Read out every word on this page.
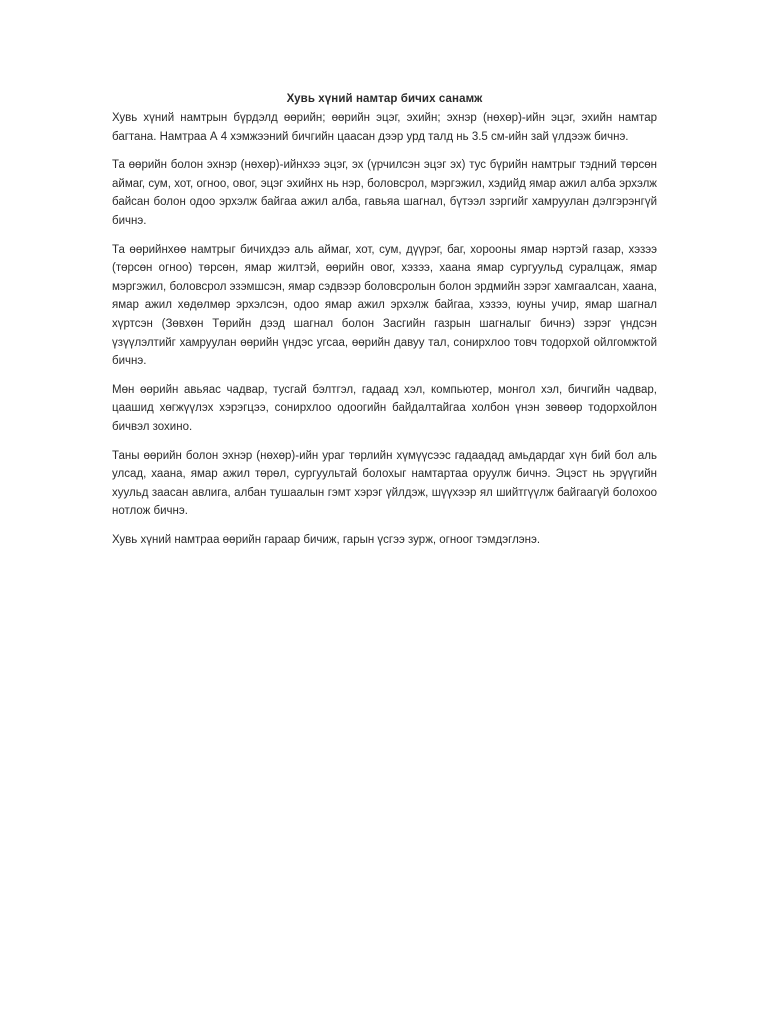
Хувь хүний намтар бичих санамж

Хувь хүний намтрын бүрдэлд өөрийн; өөрийн эцэг, эхийн; эхнэр (нөхөр)-ийн эцэг, эхийн намтар багтана. Намтраа А 4 хэмжээний бичгийн цаасан дээр урд талд нь 3.5 см-ийн зай үлдээж бичнэ.

Та өөрийн болон эхнэр (нөхөр)-ийнхээ эцэг, эх (үрчилсэн эцэг эх) тус бүрийн намтрыг тэдний төрсөн аймаг, сум, хот, огноо, овог, эцэг эхийнх нь нэр, боловсрол, мэргэжил, хэдийд ямар ажил алба эрхэлж байсан болон одоо эрхэлж байгаа ажил алба, гавьяа шагнал, бүтээл зэргийг хамруулан дэлгэрэнгүй бичнэ.

Та өөрийнхөө намтрыг бичихдээ аль аймаг, хот, сум, дүүрэг, баг, хорооны ямар нэртэй газар, хэзээ (төрсөн огноо) төрсөн, ямар жилтэй, өөрийн овог, хэзээ, хаана ямар сургуульд суралцаж, ямар мэргэжил, боловсрол эзэмшсэн, ямар сэдвээр боловсролын болон эрдмийн зэрэг хамгаалсан, хаана, ямар ажил хөдөлмөр эрхэлсэн, одоо ямар ажил эрхэлж байгаа, хэзээ, юуны учир, ямар шагнал хүртсэн (Зөвхөн Төрийн дээд шагнал болон Засгийн газрын шагналыг бичнэ) зэрэг үндсэн үзүүлэлтийг хамруулан өөрийн үндэс угсаа, өөрийн давуу тал, сонирхлоо товч тодорхой ойлгомжтой бичнэ.

Мөн өөрийн авьяас чадвар, тусгай бэлтгэл, гадаад хэл, компьютер, монгол хэл, бичгийн чадвар, цаашид хөгжүүлэх хэрэгцээ, сонирхлоо одоогийн байдалтайгаа холбон үнэн зөвөөр тодорхойлон бичвэл зохино.

Таны өөрийн болон эхнэр (нөхөр)-ийн ураг төрлийн хүмүүсээс гадаадад амьдардаг хүн бий бол аль улсад, хаана, ямар ажил төрөл, сургуультай болохыг намтартаа оруулж бичнэ. Эцэст нь эрүүгийн хуульд заасан авлига, албан тушаалын гэмт хэрэг үйлдэж, шүүхээр ял шийтгүүлж байгаагүй болохоо нотлож бичнэ.

Хувь хүний намтраа өөрийн гараар бичиж, гарын үсгээ зурж, огноог тэмдэглэнэ.
